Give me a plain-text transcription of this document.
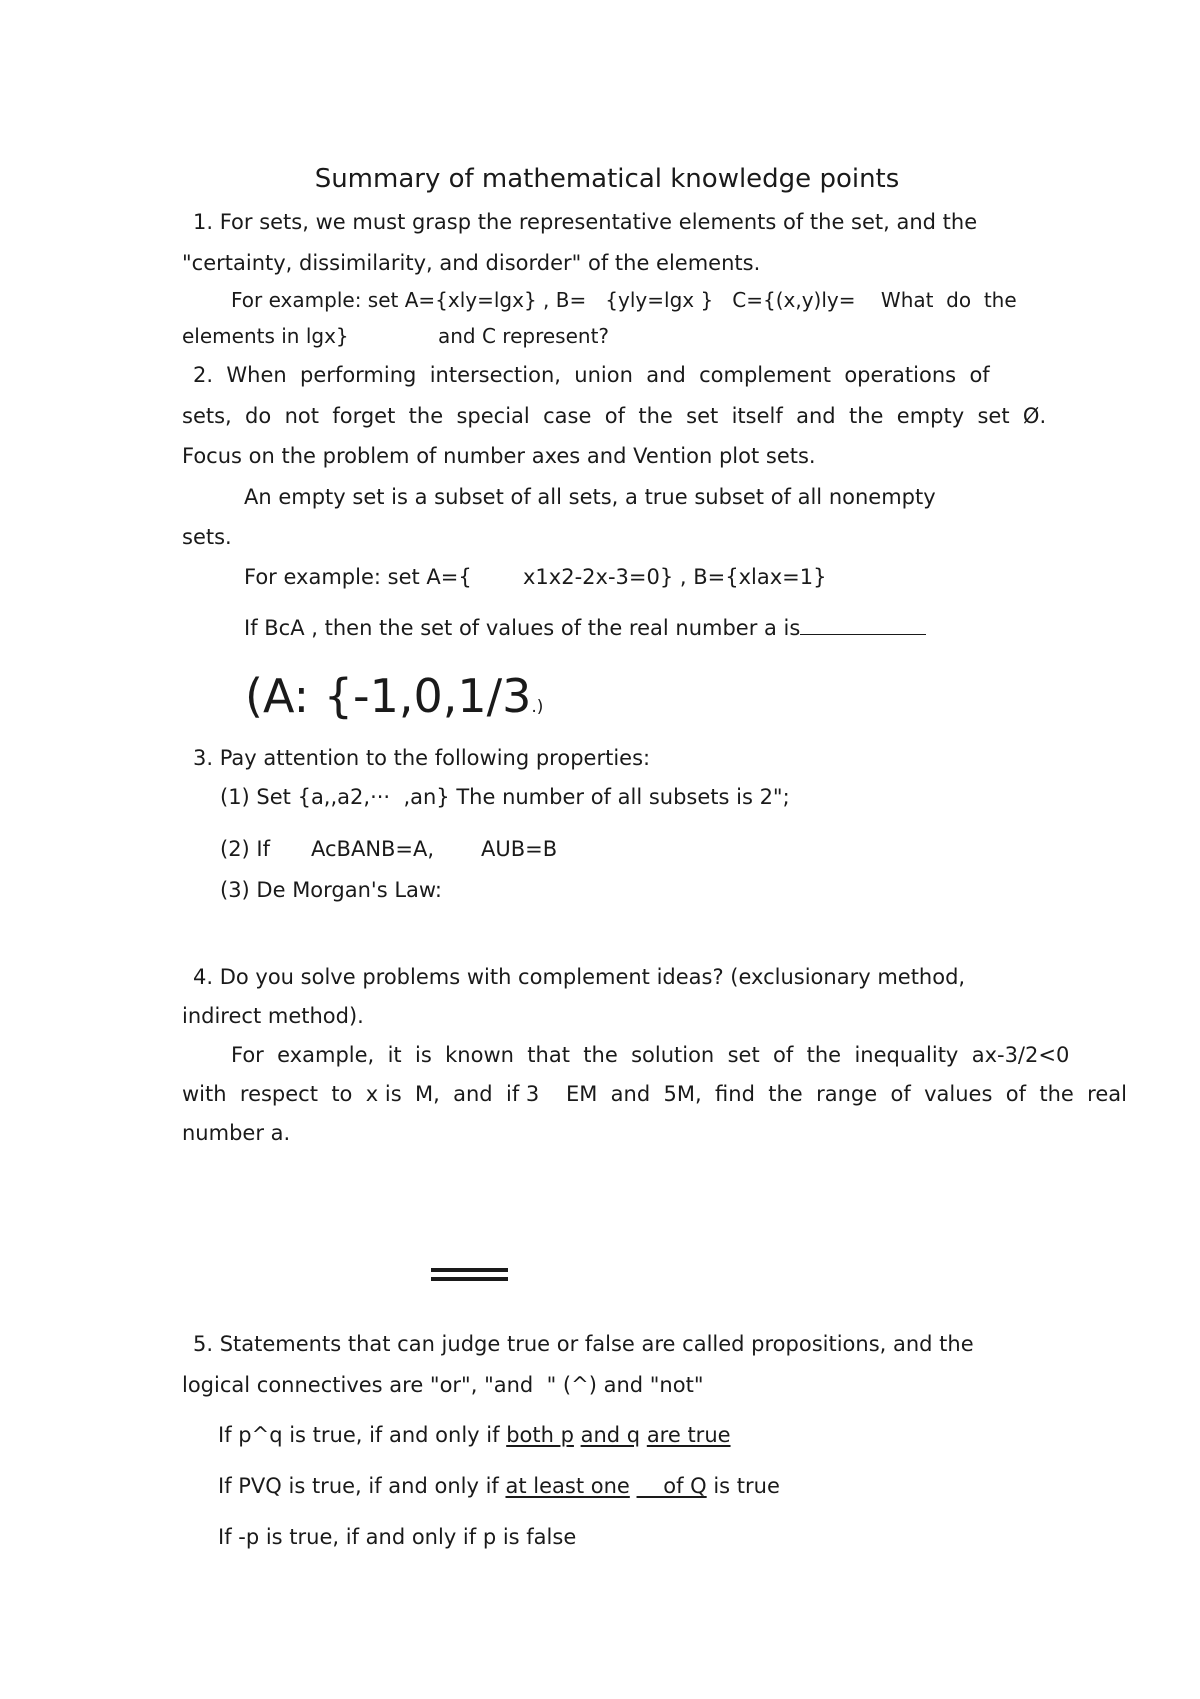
Summary of mathematical knowledge points
1. For sets, we must grasp the representative elements of the set, and the
"certainty, dissimilarity, and disorder" of the elements.
For example: set A={xly=lgx} , B=   {yly=lgx }   C={(x,y)ly=    What  do  the
elements in lgx}	and C represent?
2.  When  performing  intersection,  union  and  complement  operations  of
sets,  do  not  forget  the  special  case  of  the  set  itself  and  the  empty  set  Ø.
Focus on the problem of number axes and Vention plot sets.
An empty set is a subset of all sets, a true subset of all nonempty
sets.
For example: set A={ x1x2-2x-3=0} , B={xlax=1}
If BcA , then the set of values of the real number a is
(A: {-1,0,1/3.)
3. Pay attention to the following properties:
(1) Set {a,,a2,···  ,an} The number of all subsets is 2";
(2) If AcBANB=A, AUB=B
(3) De Morgan's Law:
4. Do you solve problems with complement ideas? (exclusionary method,
indirect method).
For  example,  it  is  known  that  the  solution  set  of  the  inequality  ax-3/2<0
with  respect  to  x is  M,  and  if 3    EM  and  5M,  find  the  range  of  values  of  the  real
number a.
5. Statements that can judge true or false are called propositions, and the
logical connectives are "or", "and  " (^) and "not"
If p^q is true, if and only if both p and q are true
If PVQ is true, if and only if at least one     of Q is true
If -p is true, if and only if p is false
